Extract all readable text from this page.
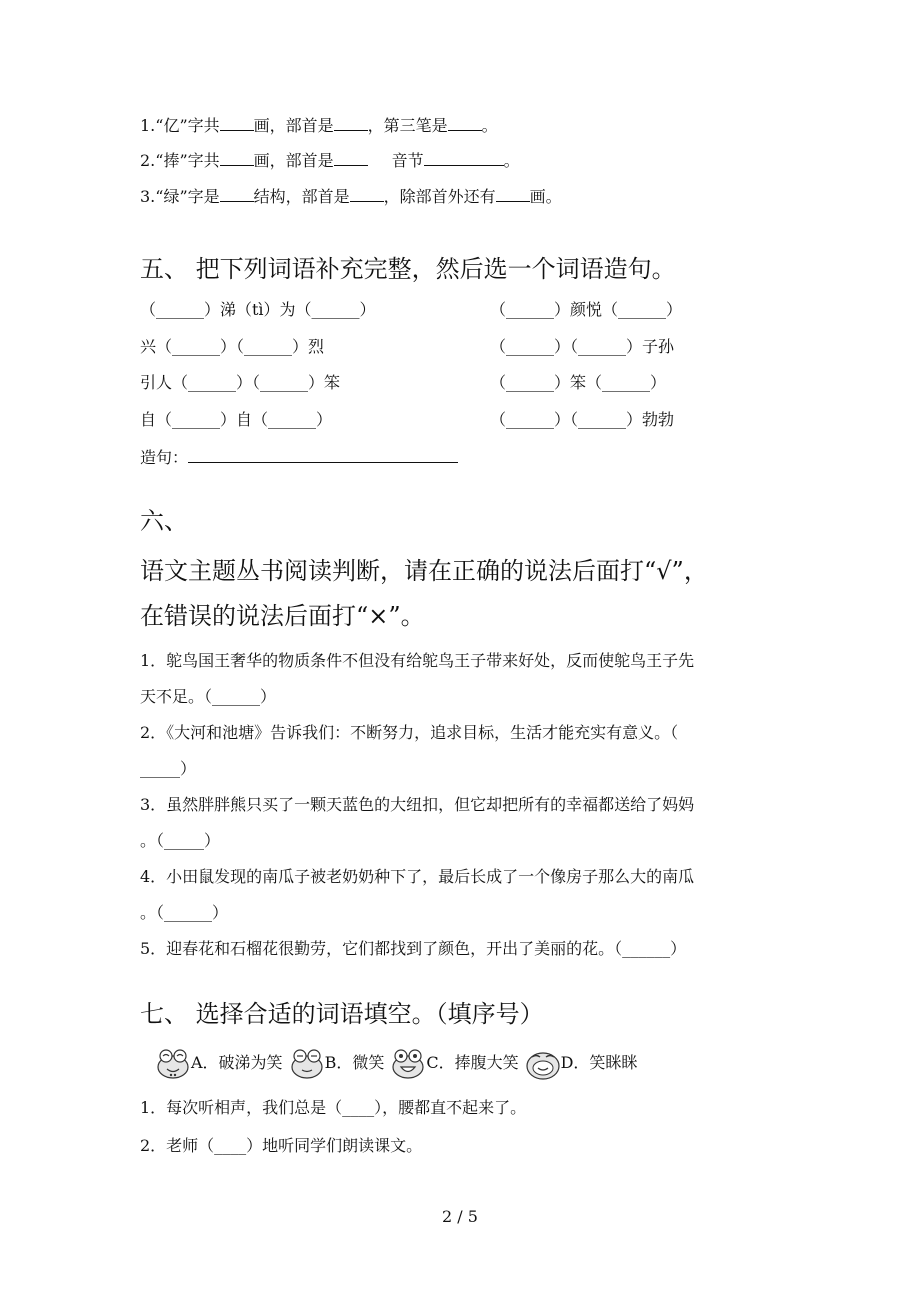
1.“亿”字共 画，部首是 ，第三笔是 。
2.“捧”字共 画，部首是	音节	。
3.“绿”字是 结构，部首是 ，除部首外还有 画。
五、 把下列词语补充完整，然后选一个词语造句。
（______）涕（tì）为（______）	（______）颜悦（______）
兴（______）（______）烈	（______）（______）子孙
引人（______）（______）笨	（______）笨（______）
自（______）自（______）	（______）（______）勃勃
造句：
六、
语文主题丛书阅读判断，请在正确的说法后面打“√”，
在错误的说法后面打“×”。
1．鸵鸟国王奢华的物质条件不但没有给鸵鸟王子带来好处，反而使鸵鸟王子先
天不足。（______）
2．《大河和池塘》告诉我们：不断努力，追求目标，生活才能充实有意义。（
_____）
3．虽然胖胖熊只买了一颗天蓝色的大纽扣，但它却把所有的幸福都送给了妈妈
。（_____）
4．小田鼠发现的南瓜子被老奶奶种下了，最后长成了一个像房子那么大的南瓜
。（______）
5．迎春花和石榴花很勤劳，它们都找到了颜色，开出了美丽的花。（______）
七、 选择合适的词语填空。（填序号）
A．破涕为笑	B．微笑	C．捧腹大笑	D．笑眯眯
1．每次听相声，我们总是（____），腰都直不起来了。
2．老师（____）地听同学们朗读课文。
2 / 5
